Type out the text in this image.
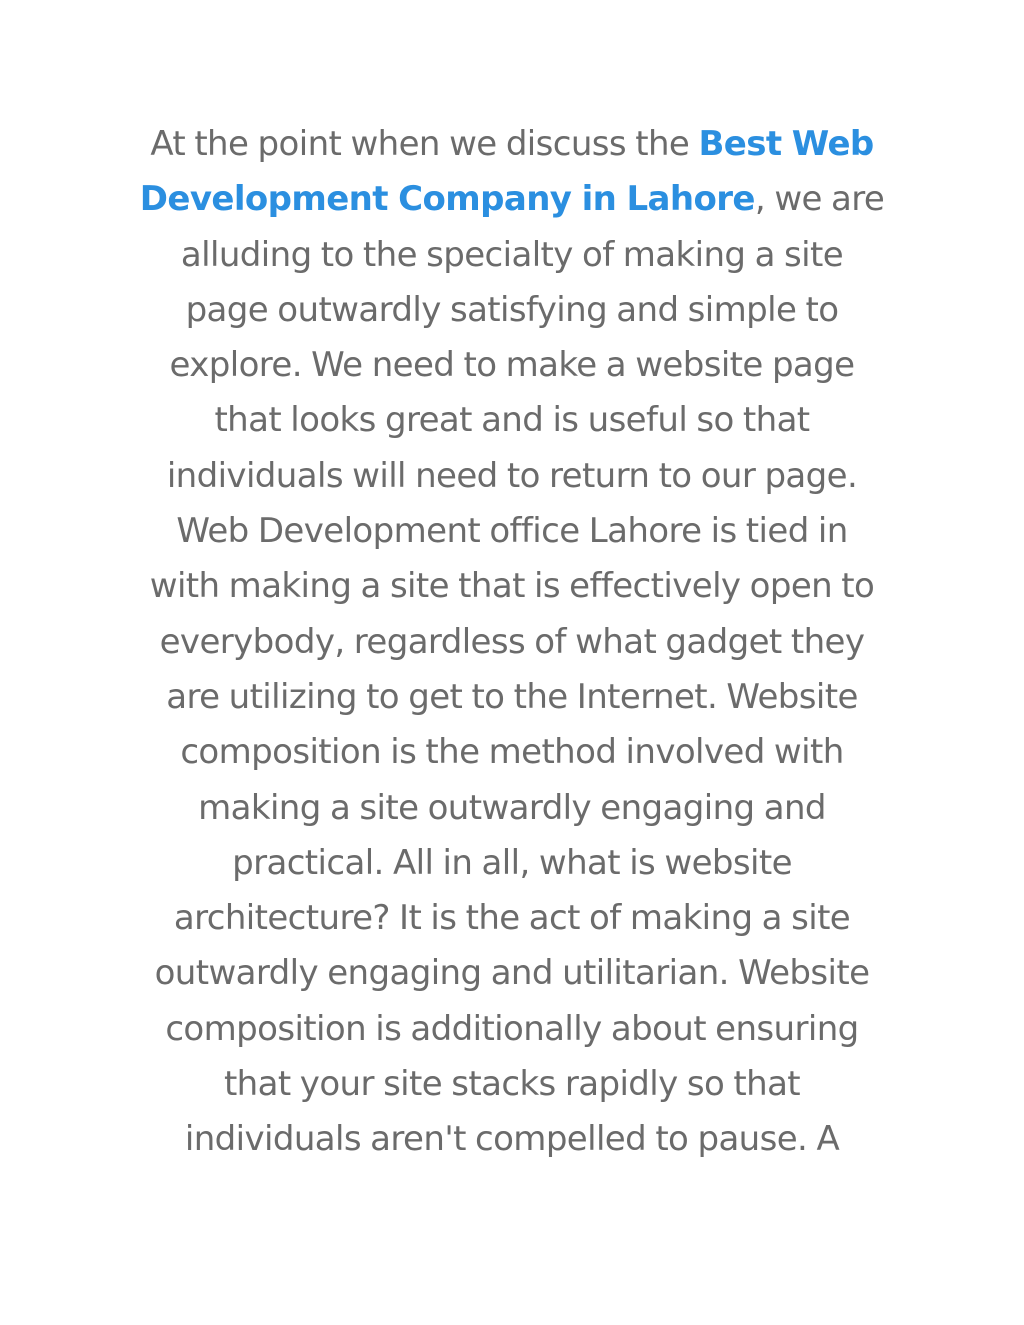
At the point when we discuss the Best Web
Development Company in Lahore, we are
alluding to the specialty of making a site
page outwardly satisfying and simple to
explore. We need to make a website page
that looks great and is useful so that
individuals will need to return to our page.
Web Development office Lahore is tied in
with making a site that is effectively open to
everybody, regardless of what gadget they
are utilizing to get to the Internet. Website
composition is the method involved with
making a site outwardly engaging and
practical. All in all, what is website
architecture? It is the act of making a site
outwardly engaging and utilitarian. Website
composition is additionally about ensuring
that your site stacks rapidly so that
individuals aren't compelled to pause. A
